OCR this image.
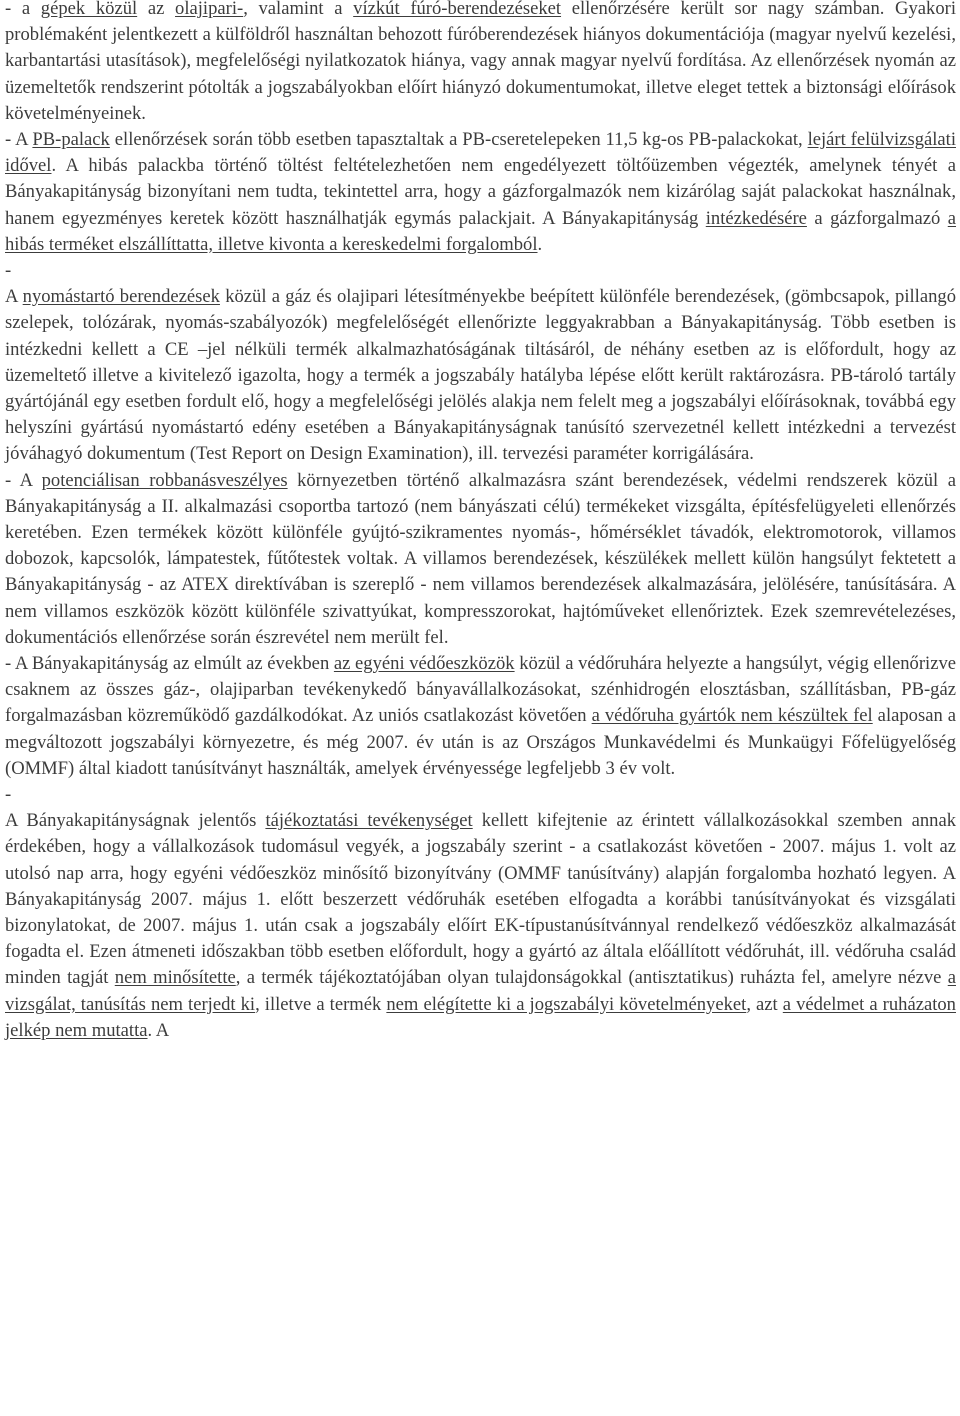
- a gépek közül az olajipari-, valamint a vízkút fúró-berendezéseket ellenőrzésére került sor nagy számban. Gyakori problémaként jelentkezett a külföldről használtan behozott fúróberendezések hiányos dokumentációja (magyar nyelvű kezelési, karbantartási utasítások), megfelelőségi nyilatkozatok hiánya, vagy annak magyar nyelvű fordítása. Az ellenőrzések nyomán az üzemeltetők rendszerint pótolták a jogszabályokban előírt hiányzó dokumentumokat, illetve eleget tettek a biztonsági előírások követelményeinek.

- A PB-palack ellenőrzések során több esetben tapasztaltak a PB-cseretelepeken 11,5 kg-os PB-palackokat, lejárt felülvizsgálati idővel. A hibás palackba történő töltést feltételezhetően nem engedélyezett töltőüzemben végezték, amelynek tényét a Bányakapitányság bizonyítani nem tudta, tekintettel arra, hogy a gázforgalmazók nem kizárólag saját palackokat használnak, hanem egyezményes keretek között használhatják egymás palackjait. A Bányakapitányság intézkedésére a gázforgalmazó a hibás terméket elszállíttatta, illetve kivonta a kereskedelmi forgalomból.

-

A nyomástartó berendezések közül a gáz és olajipari létesítményekbe beépített különféle berendezések, (gömbcsapok, pillangó szelepek, tolózárak, nyomás-szabályozók) megfelelőségét ellenőrizte leggyakrabban a Bányakapitányság. Több esetben is intézkedni kellett a CE –jel nélküli termék alkalmazhatóságának tiltásáról, de néhány esetben az is előfordult, hogy az üzemeltető illetve a kivitelező igazolta, hogy a termék a jogszabály hatályba lépése előtt került raktározásra. PB-tároló tartály gyártójánál egy esetben fordult elő, hogy a megfelelőségi jelölés alakja nem felelt meg a jogszabályi előírásoknak, továbbá egy helyszíni gyártású nyomástartó edény esetében a Bányakapitányságnak tanúsító szervezetnél kellett intézkedni a tervezést jóváhagyó dokumentum (Test Report on Design Examination), ill. tervezési paraméter korrigálására.

- A potenciálisan robbanásveszélyes környezetben történő alkalmazásra szánt berendezések, védelmi rendszerek közül a Bányakapitányság a II. alkalmazási csoportba tartozó (nem bányászati célú) termékeket vizsgálta, építésfelügyeleti ellenőrzés keretében. Ezen termékek között különféle gyújtó-szikramentes nyomás-, hőmérséklet távadók, elektromotorok, villamos dobozok, kapcsolók, lámpatestek, fűtőtestek voltak. A villamos berendezések, készülékek mellett külön hangsúlyt fektetett a Bányakapitányság - az ATEX direktívában is szereplő - nem villamos berendezések alkalmazására, jelölésére, tanúsítására. A nem villamos eszközök között különféle szivattyúkat, kompresszorokat, hajtóműveket ellenőriztek. Ezek szemrevételezéses, dokumentációs ellenőrzése során észrevétel nem merült fel.

- A Bányakapitányság az elmúlt az években az egyéni védőeszközök közül a védőruhára helyezte a hangsúlyt, végig ellenőrizve csaknem az összes gáz-, olajiparban tevékenykedő bányavállalkozásokat, szénhidrogén elosztásban, szállításban, PB-gáz forgalmazásban közreműködő gazdálkodókat. Az uniós csatlakozást követően a védőruha gyártók nem készültek fel alaposan a megváltozott jogszabályi környezetre, és még 2007. év után is az Országos Munkavédelmi és Munkaügyi Főfelügyelőség (OMMF) által kiadott tanúsítványt használták, amelyek érvényessége legfeljebb 3 év volt.

-

A Bányakapitányságnak jelentős tájékoztatási tevékenységet kellett kifejtenie az érintett vállalkozásokkal szemben annak érdekében, hogy a vállalkozások tudomásul vegyék, a jogszabály szerint - a csatlakozást követően - 2007. május 1. volt az utolsó nap arra, hogy egyéni védőeszköz minősítő bizonyítvány (OMMF tanúsítvány) alapján forgalomba hozható legyen. A Bányakapitányság 2007. május 1. előtt beszerzett védőruhák esetében elfogadta a korábbi tanúsítványokat és vizsgálati bizonylatokat, de 2007. május 1. után csak a jogszabály előírt EK-típustanúsítvánnyal rendelkező védőeszköz alkalmazását fogadta el. Ezen átmeneti időszakban több esetben előfordult, hogy a gyártó az általa előállított védőruhát, ill. védőruha család minden tagját nem minősítette, a termék tájékoztatójában olyan tulajdonságokkal (antisztatikus) ruházta fel, amelyre nézve a vizsgálat, tanúsítás nem terjedt ki, illetve a termék nem elégítette ki a jogszabályi követelményeket, azt a védelmet a ruházaton jelkép nem mutatta. A
